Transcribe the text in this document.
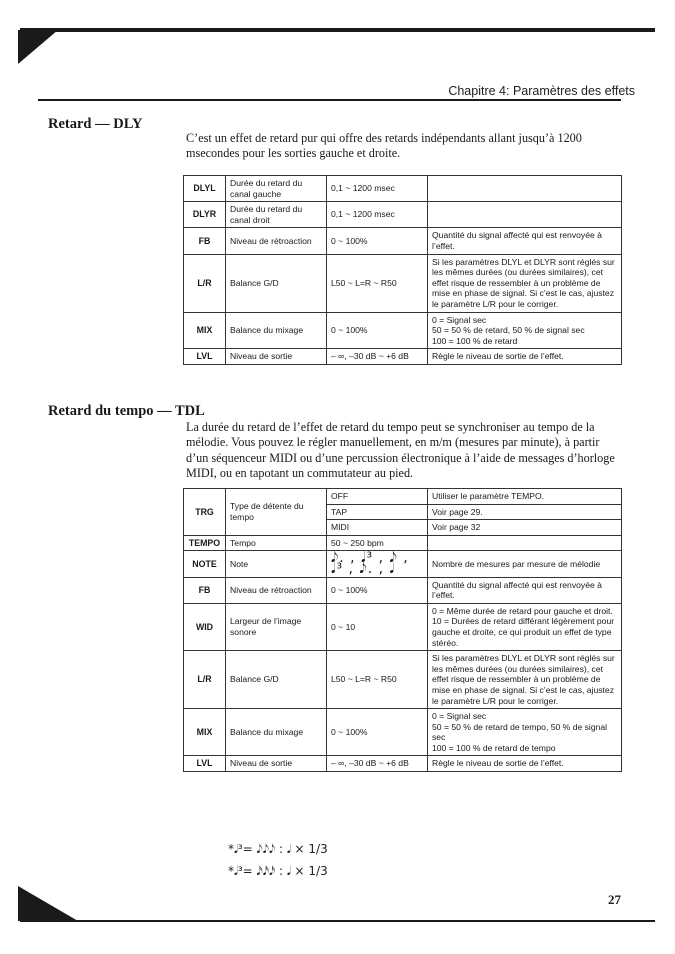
Chapitre 4: Paramètres des effets
Retard — DLY

C’est un effet de retard pur qui offre des retards indépendants allant jusqu’à 1200 msecondes pour les sorties gauche et droite.

DLYL	Durée du retard du canal gauche	0,1 ~ 1200 msec	
DLYR	Durée du retard du canal droit	0,1 ~ 1200 msec	
FB	Niveau de rétroaction	0 ~ 100%	Quantité du signal affecté qui est renvoyée à l’effet.
L/R	Balance G/D	L50 ~ L=R ~ R50	Si les paramètres DLYL et DLYR sont réglés sur les mêmes durées (ou durées similaires), cet effet risque de ressembler à un problème de mise en phase de signal. Si c’est le cas, ajustez le paramètre L/R pour le corriger.
MIX	Balance du mixage	0 ~ 100%	0 = Signal sec
50 = 50 % de retard, 50 % de signal sec
100 = 100 % de retard
LVL	Niveau de sortie	– ∞, –30 dB ~ +6 dB	Règle le niveau de sortie de l’effet.
Retard du tempo — TDL

La durée du retard de l’effet de retard du tempo peut se synchroniser au tempo de la mélodie. Vous pouvez le régler manuellement, en m/m (mesures par minute), à partir d’un séquenceur MIDI ou d’une percussion électronique à l’aide de messages d’horloge MIDI, ou en tapotant un commutateur au pied.

TRG	Type de détente du tempo	OFF	Utiliser le paramètre TEMPO.
		TAP	Voir page 29.
		MIDI	Voir page 32
TEMPO	Tempo	50 ~ 250 bpm	
NOTE	Note	𝅘𝅥𝅮. , 𝅘𝅥³ , 𝅘𝅥𝅮 , 𝅘𝅥³ , 𝅘𝅥𝅮. , 𝅘𝅥	Nombre de mesures par mesure de mélodie
FB	Niveau de rétroaction	0 ~ 100%	Quantité du signal affecté qui est renvoyée à l’effet.
WID	Largeur de l’image sonore	0 ~ 10	0 = Même durée de retard pour gauche et droit.
10 = Durées de retard différant légèrement pour gauche et droite, ce qui produit un effet de type stéréo.
L/R	Balance G/D	L50 ~ L=R ~ R50	Si les paramètres DLYL et DLYR sont réglés sur les mêmes durées (ou durées similaires), cet effet risque de ressembler à un problème de mise en phase de signal. Si c’est le cas, ajustez le paramètre L/R pour le corriger.
MIX	Balance du mixage	0 ~ 100%	0 = Signal sec
50 = 50 % de retard de tempo, 50 % de signal sec
100 = 100 % de retard de tempo
LVL	Niveau de sortie	– ∞, –30 dB ~ +6 dB	Règle le niveau de sortie de l’effet.
*𝅘𝅥³= 𝅘𝅥𝅮𝅘𝅥𝅮𝅘𝅥𝅮 : 𝅘𝅥 × 1/3
*𝅘𝅥³= 𝅘𝅥𝅯𝅘𝅥𝅯𝅘𝅥𝅯 : 𝅘𝅥 × 1/3
27
